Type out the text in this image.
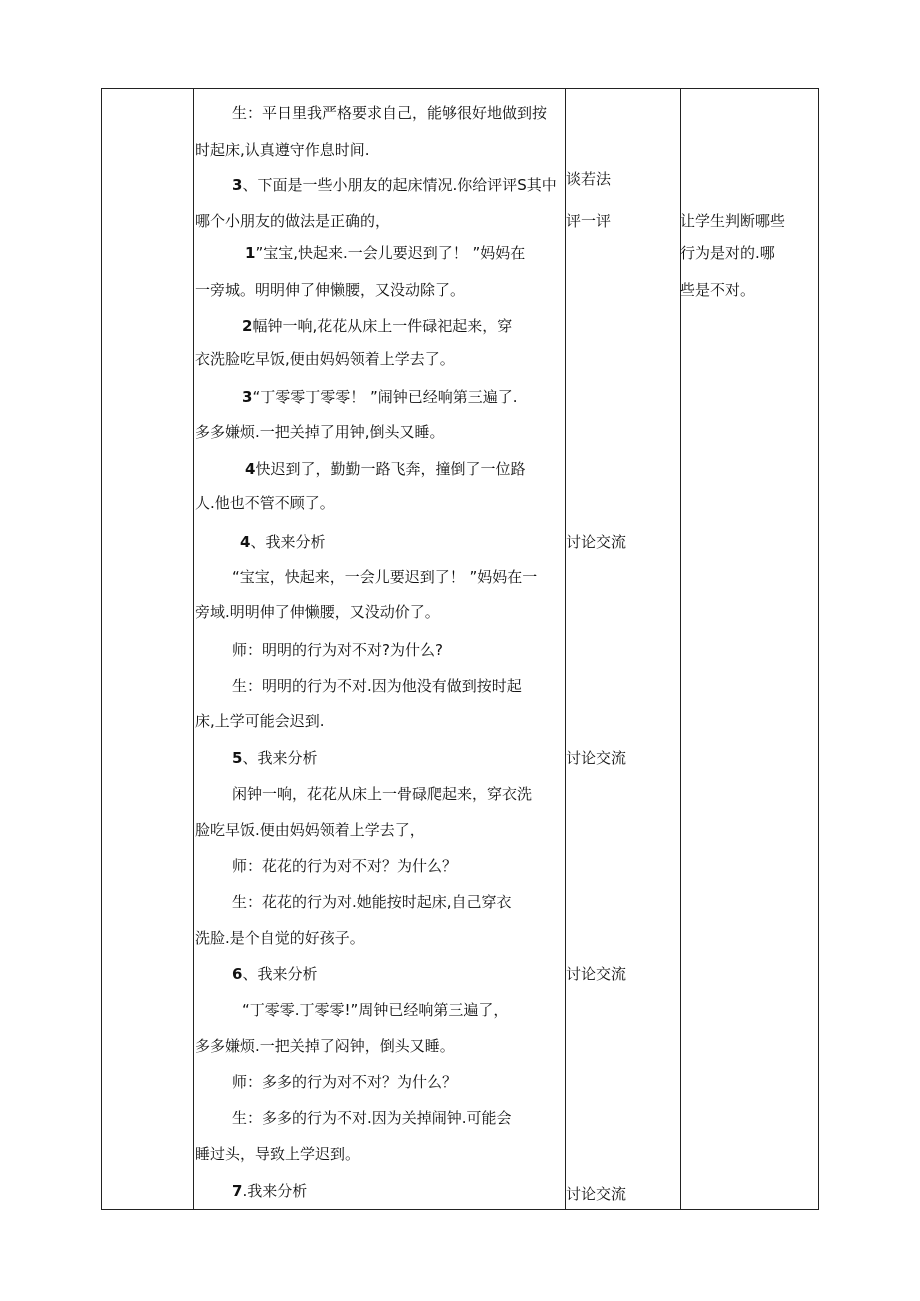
生：平日里我严格要求自己，能够很好地做到按
时起床,认真遵守作息时间.
3、下面是一些小朋友的起床情况.你给评评S其中
哪个小朋友的做法是正确的，
1”宝宝,快起来.一会儿要迟到了！ ”妈妈在
一旁城。明明伸了伸懒腰，又没动除了。
2幅钟一响,花花从床上一件碌祀起来，穿
衣洗脸吃早饭,便由妈妈领着上学去了。
3“丁零零丁零零！ ”闹钟已经响第三遍了.
多多嫌烦.一把关掉了用钟,倒头又睡。
4快迟到了，勤勤一路飞奔，撞倒了一位路
人.他也不管不顾了。
4、我来分析
“宝宝，快起来，一会儿要迟到了！ ”妈妈在一
旁域.明明伸了伸懒腰，又没动价了。
师：明明的行为对不对?为什么?
生：明明的行为不对.因为他没有做到按时起
床,上学可能会迟到.
5、我来分析
闲钟一响，花花从床上一骨碌爬起来，穿衣洗
脸吃早饭.便由妈妈领着上学去了，
师：花花的行为对不对？为什么？
生：花花的行为对.她能按时起床,自己穿衣
洗脸.是个自觉的好孩子。
6、我来分析
“丁零零.丁零零!”周钟已经响第三遍了，
多多嫌烦.一把关掉了闷钟，倒头又睡。
师：多多的行为对不对？为什么？
生：多多的行为不对.因为关掉闹钟.可能会
睡过头，导致上学迟到。
7.我来分析
谈若法
评一评
讨论交流
讨论交流
讨论交流
讨论交流
让学生判断哪些
行为是对的.哪
些是不对。
